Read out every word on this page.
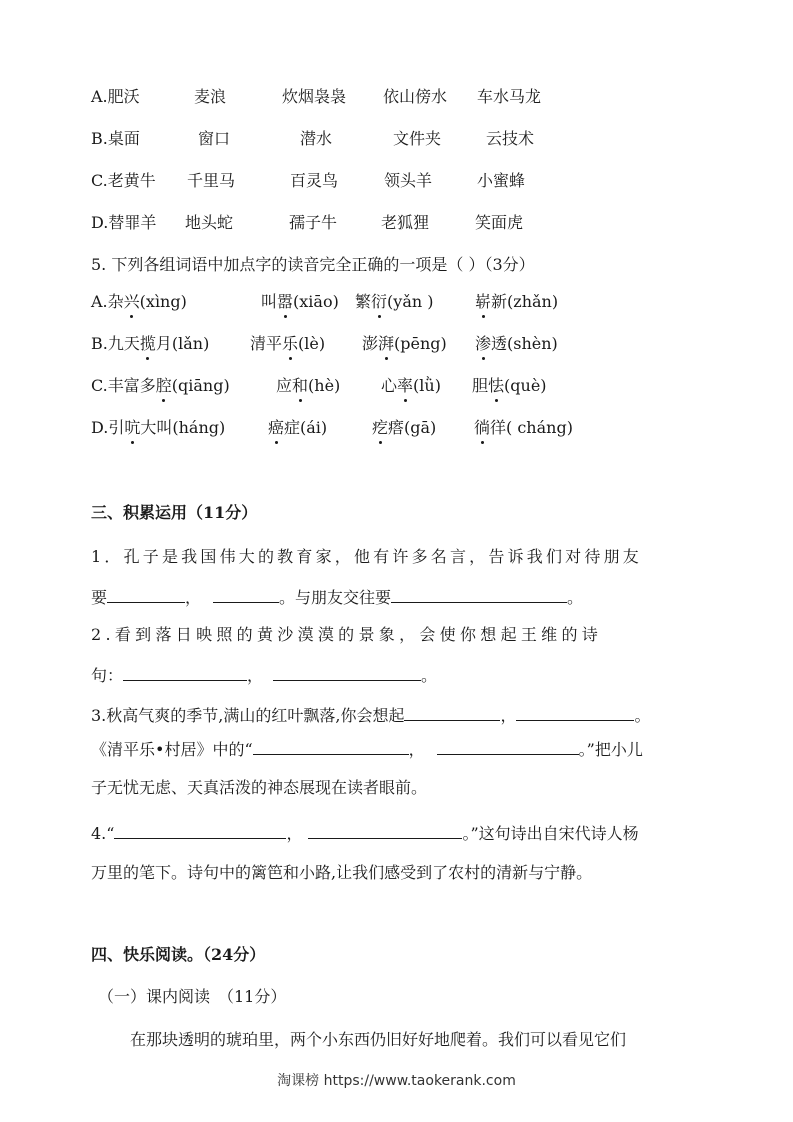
A.肥沃	麦浪	炊烟袅袅 依山傍水 车水马龙
B.桌面	窗口	潜水	文件夹	云技术
C.老黄牛 千里马	百灵鸟	领头羊	小蜜蜂
D.替罪羊 地头蛇	孺子牛	老狐狸	笑面虎
5. 下列各组词语中加点字的读音完全正确的一项是（ ）（3分）
A.杂兴(xìng)	叫嚣(xiāo) 繁衍(yǎn )	崭新(zhǎn)
B.九天揽月(lǎn)	清平乐(lè) 澎湃(pēng) 渗透(shèn)
C.丰富多腔(qiāng)	应和(hè)	心率(lǜ) 胆怯(què)
D.引吭大叫(háng)	癌症(ái)	疙瘩(gā) 徜徉( cháng)
三、积累运用（11分）
1．孔子是我国伟大的教育家，他有许多名言，告诉我们对待朋友
要	，	。与朋友交往要	。
2.看到落日映照的黄沙漠漠的景象，会使你想起王维的诗
句：	，	。
3.秋高气爽的季节,满山的红叶飘落,你会想起	，	。
《清平乐•村居》中的“	，	。”把小儿
子无忧无虑、天真活泼的神态展现在读者眼前。
4.“	，	。”这句诗出自宋代诗人杨
万里的笔下。诗句中的篱笆和小路,让我们感受到了农村的清新与宁静。
四、快乐阅读。（24分）
（一）课内阅读　（11分）
在那块透明的琥珀里，两个小东西仍旧好好地爬着。我们可以看见它们
淘课榜 https://www.taokerank.com
